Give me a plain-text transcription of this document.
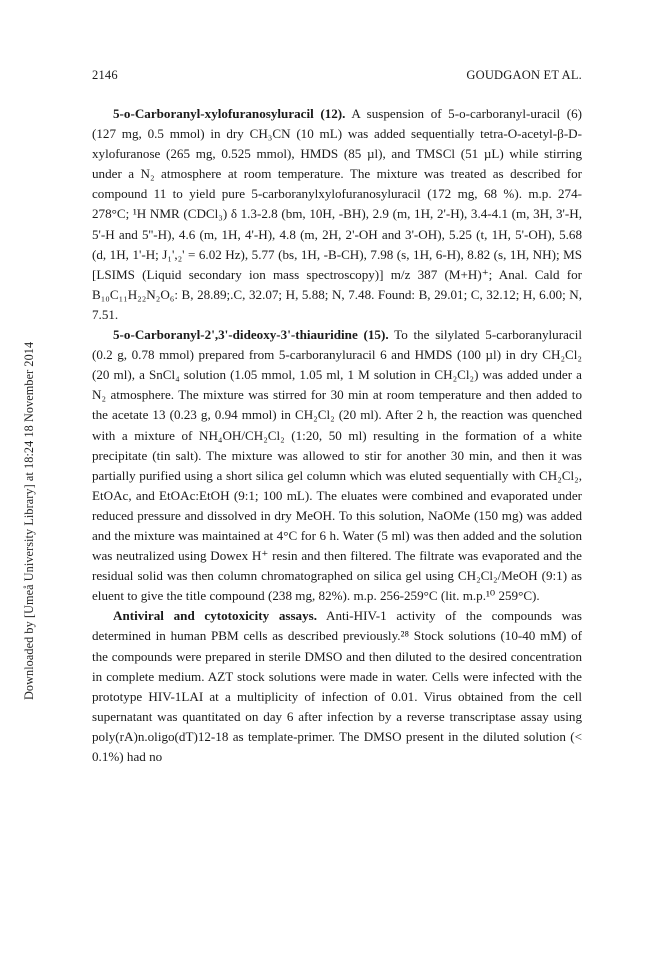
2146	GOUDGAON ET AL.

5-o-Carboranyl-xylofuranosyluracil (12). A suspension of 5-o-carboranyl-uracil (6) (127 mg, 0.5 mmol) in dry CH₃CN (10 mL) was added sequentially tetra-O-acetyl-β-D-xylofuranose (265 mg, 0.525 mmol), HMDS (85 µl), and TMSCl (51 µL) while stirring under a N₂ atmosphere at room temperature. The mixture was treated as described for compound 11 to yield pure 5-carboranylxylofuranosyluracil (172 mg, 68 %). m.p. 274-278°C; ¹H NMR (CDCl₃) δ 1.3-2.8 (bm, 10H, -BH), 2.9 (m, 1H, 2'-H), 3.4-4.1 (m, 3H, 3'-H, 5'-H and 5''-H), 4.6 (m, 1H, 4'-H), 4.8 (m, 2H, 2'-OH and 3'-OH), 5.25 (t, 1H, 5'-OH), 5.68 (d, 1H, 1'-H; J₁',₂' = 6.02 Hz), 5.77 (bs, 1H, -B-CH), 7.98 (s, 1H, 6-H), 8.82 (s, 1H, NH); MS [LSIMS (Liquid secondary ion mass spectroscopy)] m/z 387 (M+H)⁺; Anal. Cald for B₁₀C₁₁H₂₂N₂O₆: B, 28.89;.C, 32.07; H, 5.88; N, 7.48. Found: B, 29.01; C, 32.12; H, 6.00; N, 7.51.

5-o-Carboranyl-2',3'-dideoxy-3'-thiauridine (15). To the silylated 5-carboranyluracil (0.2 g, 0.78 mmol) prepared from 5-carboranyluracil 6 and HMDS (100 µl) in dry CH₂Cl₂ (20 ml), a SnCl₄ solution (1.05 mmol, 1.05 ml, 1 M solution in CH₂Cl₂) was added under a N₂ atmosphere. The mixture was stirred for 30 min at room temperature and then added to the acetate 13 (0.23 g, 0.94 mmol) in CH₂Cl₂ (20 ml). After 2 h, the reaction was quenched with a mixture of NH₄OH/CH₂Cl₂ (1:20, 50 ml) resulting in the formation of a white precipitate (tin salt). The mixture was allowed to stir for another 30 min, and then it was partially purified using a short silica gel column which was eluted sequentially with CH₂Cl₂, EtOAc, and EtOAc:EtOH (9:1; 100 mL). The eluates were combined and evaporated under reduced pressure and dissolved in dry MeOH. To this solution, NaOMe (150 mg) was added and the mixture was maintained at 4°C for 6 h. Water (5 ml) was then added and the solution was neutralized using Dowex H⁺ resin and then filtered. The filtrate was evaporated and the residual solid was then column chromatographed on silica gel using CH₂Cl₂/MeOH (9:1) as eluent to give the title compound (238 mg, 82%). m.p. 256-259°C (lit. m.p.¹⁰ 259°C).

Antiviral and cytotoxicity assays. Anti-HIV-1 activity of the compounds was determined in human PBM cells as described previously.²⁸ Stock solutions (10-40 mM) of the compounds were prepared in sterile DMSO and then diluted to the desired concentration in complete medium. AZT stock solutions were made in water. Cells were infected with the prototype HIV-1LAI at a multiplicity of infection of 0.01. Virus obtained from the cell supernatant was quantitated on day 6 after infection by a reverse transcriptase assay using poly(rA)n.oligo(dT)12-18 as template-primer. The DMSO present in the diluted solution (< 0.1%) had no

Downloaded by [Umeå University Library] at 18:24 18 November 2014
